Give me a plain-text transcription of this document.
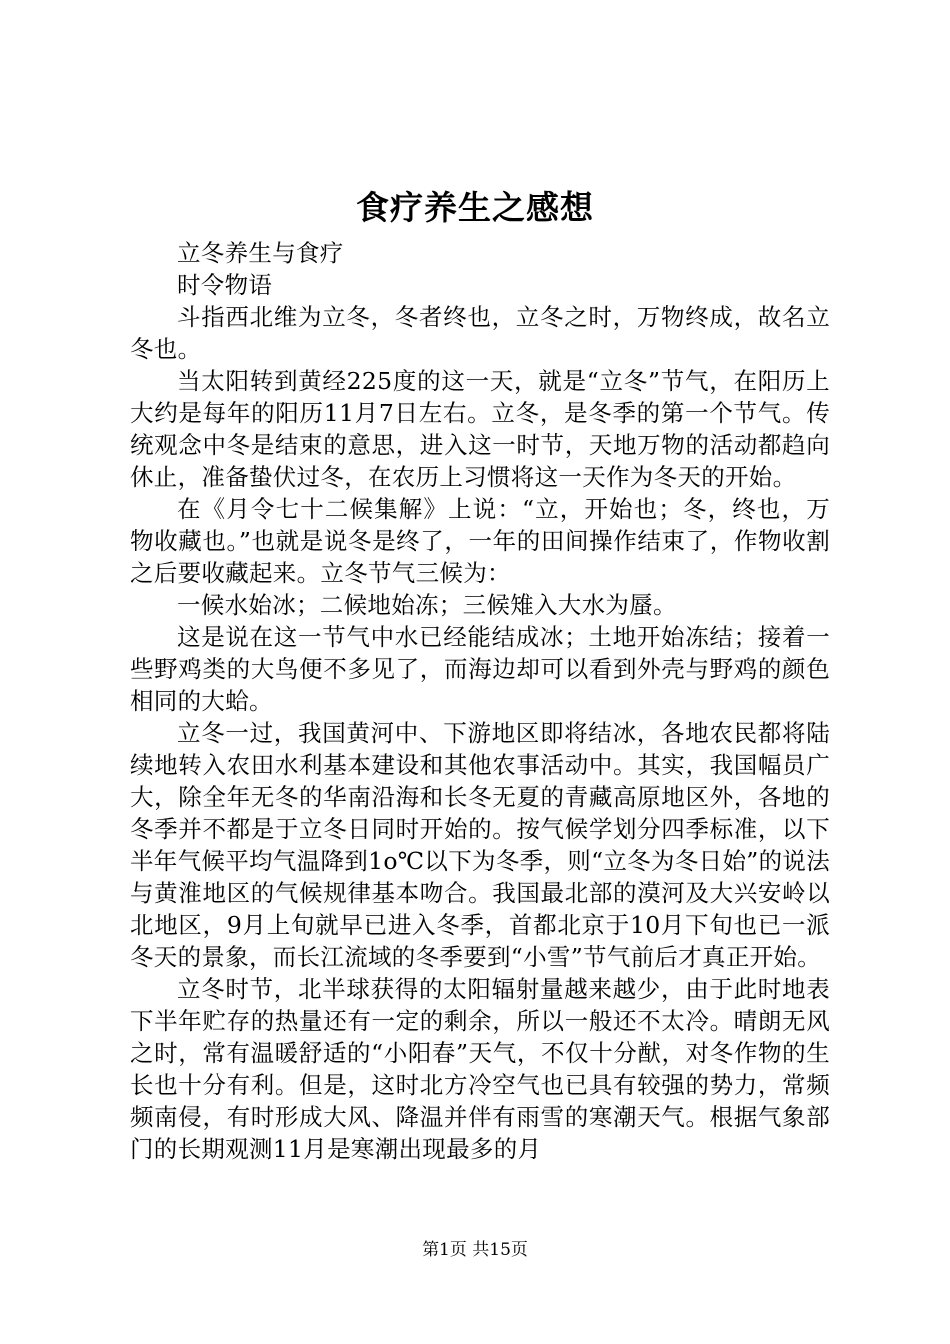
食疗养生之感想

立冬养生与食疗

时令物语

斗指西北维为立冬，冬者终也，立冬之时，万物终成，故名立冬也。

当太阳转到黄经225度的这一天，就是“立冬”节气，在阳历上大约是每年的阳历11月7日左右。立冬，是冬季的第一个节气。传统观念中冬是结束的意思，进入这一时节，天地万物的活动都趋向休止，准备蛰伏过冬，在农历上习惯将这一天作为冬天的开始。

在《月令七十二候集解》上说：“立，开始也；冬，终也，万物收藏也。”也就是说冬是终了，一年的田间操作结束了，作物收割之后要收藏起来。立冬节气三候为：

一候水始冰；二候地始冻；三候雉入大水为蜃。

这是说在这一节气中水已经能结成冰；土地开始冻结；接着一些野鸡类的大鸟便不多见了，而海边却可以看到外壳与野鸡的颜色相同的大蛤。

立冬一过，我国黄河中、下游地区即将结冰，各地农民都将陆续地转入农田水利基本建设和其他农事活动中。其实，我国幅员广大，除全年无冬的华南沿海和长冬无夏的青藏高原地区外，各地的冬季并不都是于立冬日同时开始的。按气候学划分四季标准，以下半年气候平均气温降到1o℃以下为冬季，则“立冬为冬日始”的说法与黄淮地区的气候规律基本吻合。我国最北部的漠河及大兴安岭以北地区，9月上旬就早已进入冬季，首都北京于10月下旬也已一派冬天的景象，而长江流域的冬季要到“小雪”节气前后才真正开始。

立冬时节，北半球获得的太阳辐射量越来越少，由于此时地表下半年贮存的热量还有一定的剩余，所以一般还不太冷。晴朗无风之时，常有温暖舒适的“小阳春”天气，不仅十分猷，对冬作物的生长也十分有利。但是，这时北方冷空气也已具有较强的势力，常频频南侵，有时形成大风、降温并伴有雨雪的寒潮天气。根据气象部门的长期观测11月是寒潮出现最多的月

第1页 共15页
